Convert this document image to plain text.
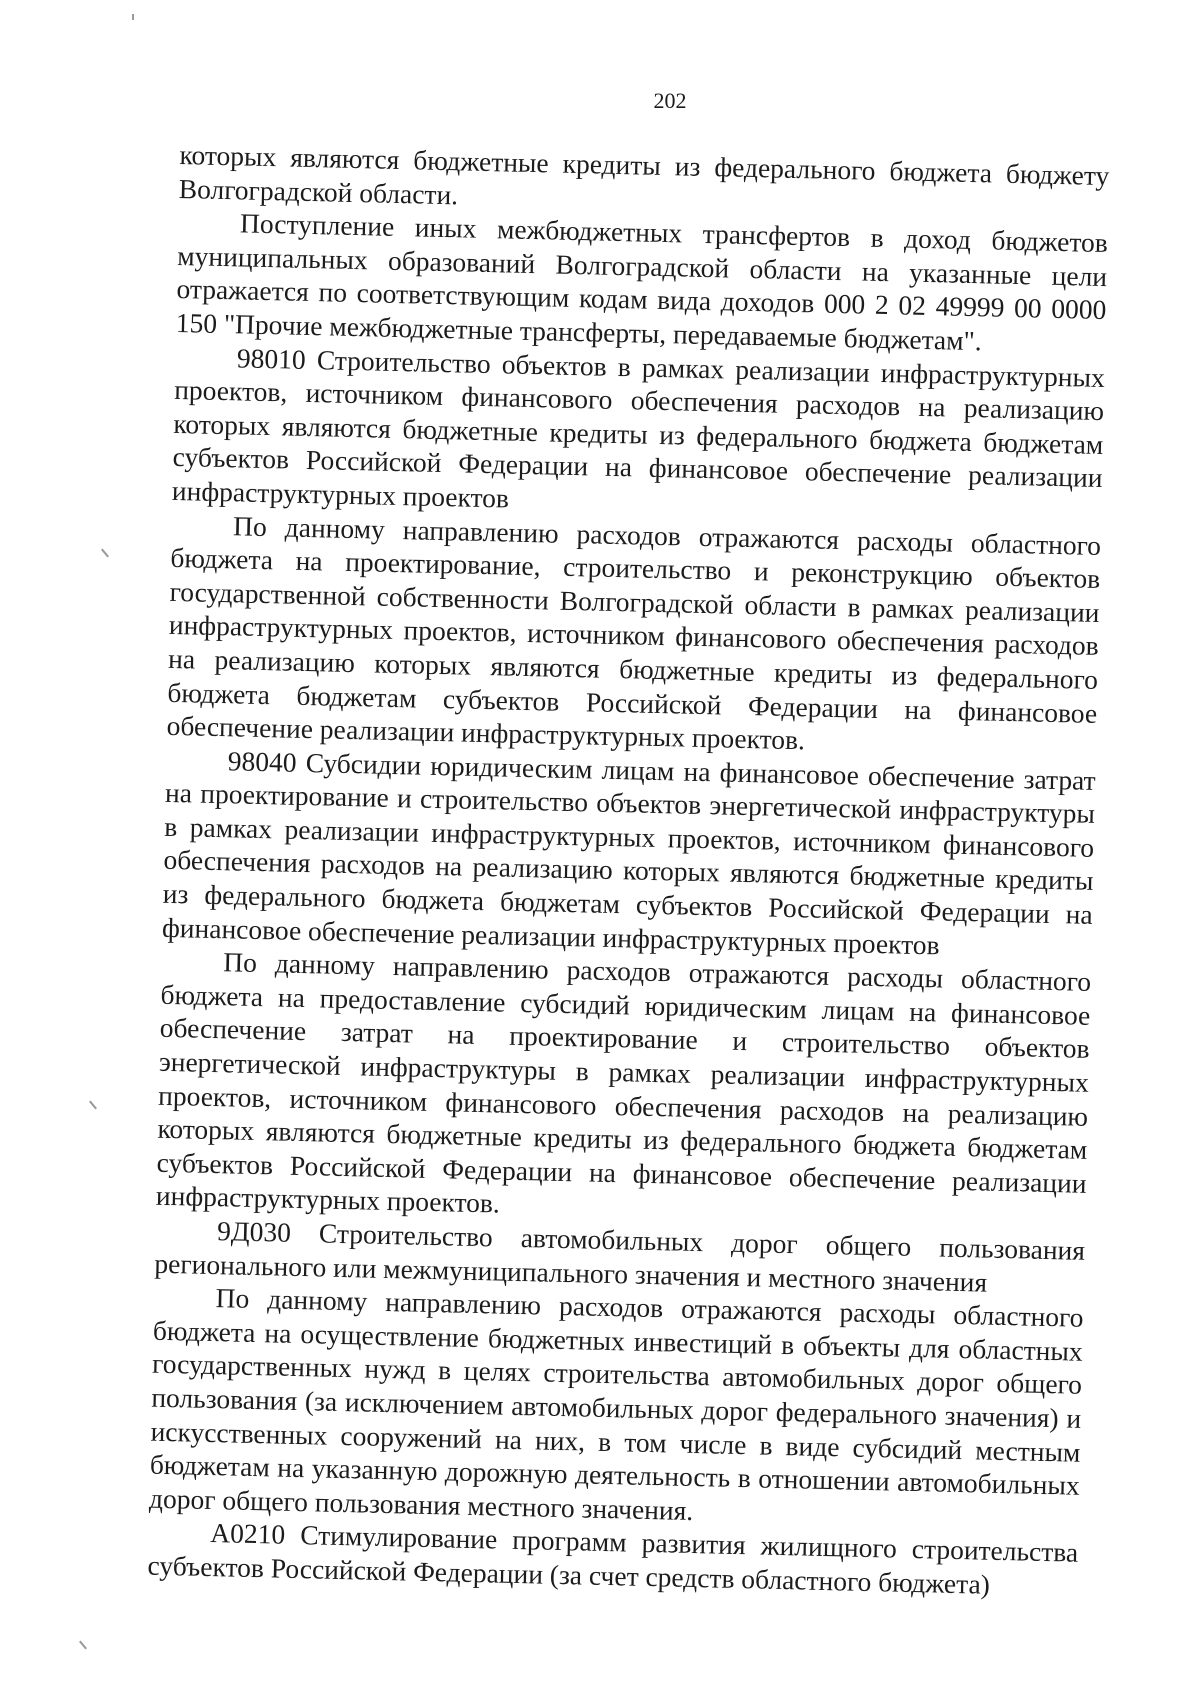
202

которых являются бюджетные кредиты из федерального бюджета бюджету Волгоградской области.

Поступление иных межбюджетных трансфертов в доход бюджетов муниципальных образований Волгоградской области на указанные цели отражается по соответствующим кодам вида доходов 000 2 02 49999 00 0000 150 "Прочие межбюджетные трансферты, передаваемые бюджетам".

98010 Строительство объектов в рамках реализации инфраструктурных проектов, источником финансового обеспечения расходов на реализацию которых являются бюджетные кредиты из федерального бюджета бюджетам субъектов Российской Федерации на финансовое обеспечение реализации инфраструктурных проектов

По данному направлению расходов отражаются расходы областного бюджета на проектирование, строительство и реконструкцию объектов государственной собственности Волгоградской области в рамках реализации инфраструктурных проектов, источником финансового обеспечения расходов на реализацию которых являются бюджетные кредиты из федерального бюджета бюджетам субъектов Российской Федерации на финансовое обеспечение реализации инфраструктурных проектов.

98040 Субсидии юридическим лицам на финансовое обеспечение затрат на проектирование и строительство объектов энергетической инфраструктуры в рамках реализации инфраструктурных проектов, источником финансового обеспечения расходов на реализацию которых являются бюджетные кредиты из федерального бюджета бюджетам субъектов Российской Федерации на финансовое обеспечение реализации инфраструктурных проектов

По данному направлению расходов отражаются расходы областного бюджета на предоставление субсидий юридическим лицам на финансовое обеспечение затрат на проектирование и строительство объектов энергетической инфраструктуры в рамках реализации инфраструктурных проектов, источником финансового обеспечения расходов на реализацию которых являются бюджетные кредиты из федерального бюджета бюджетам субъектов Российской Федерации на финансовое обеспечение реализации инфраструктурных проектов.

9Д030 Строительство автомобильных дорог общего пользования регионального или межмуниципального значения и местного значения

По данному направлению расходов отражаются расходы областного бюджета на осуществление бюджетных инвестиций в объекты для областных государственных нужд в целях строительства автомобильных дорог общего пользования (за исключением автомобильных дорог федерального значения) и искусственных сооружений на них, в том числе в виде субсидий местным бюджетам на указанную дорожную деятельность в отношении автомобильных дорог общего пользования местного значения.

А0210 Стимулирование программ развития жилищного строительства субъектов Российской Федерации (за счет средств областного бюджета)
